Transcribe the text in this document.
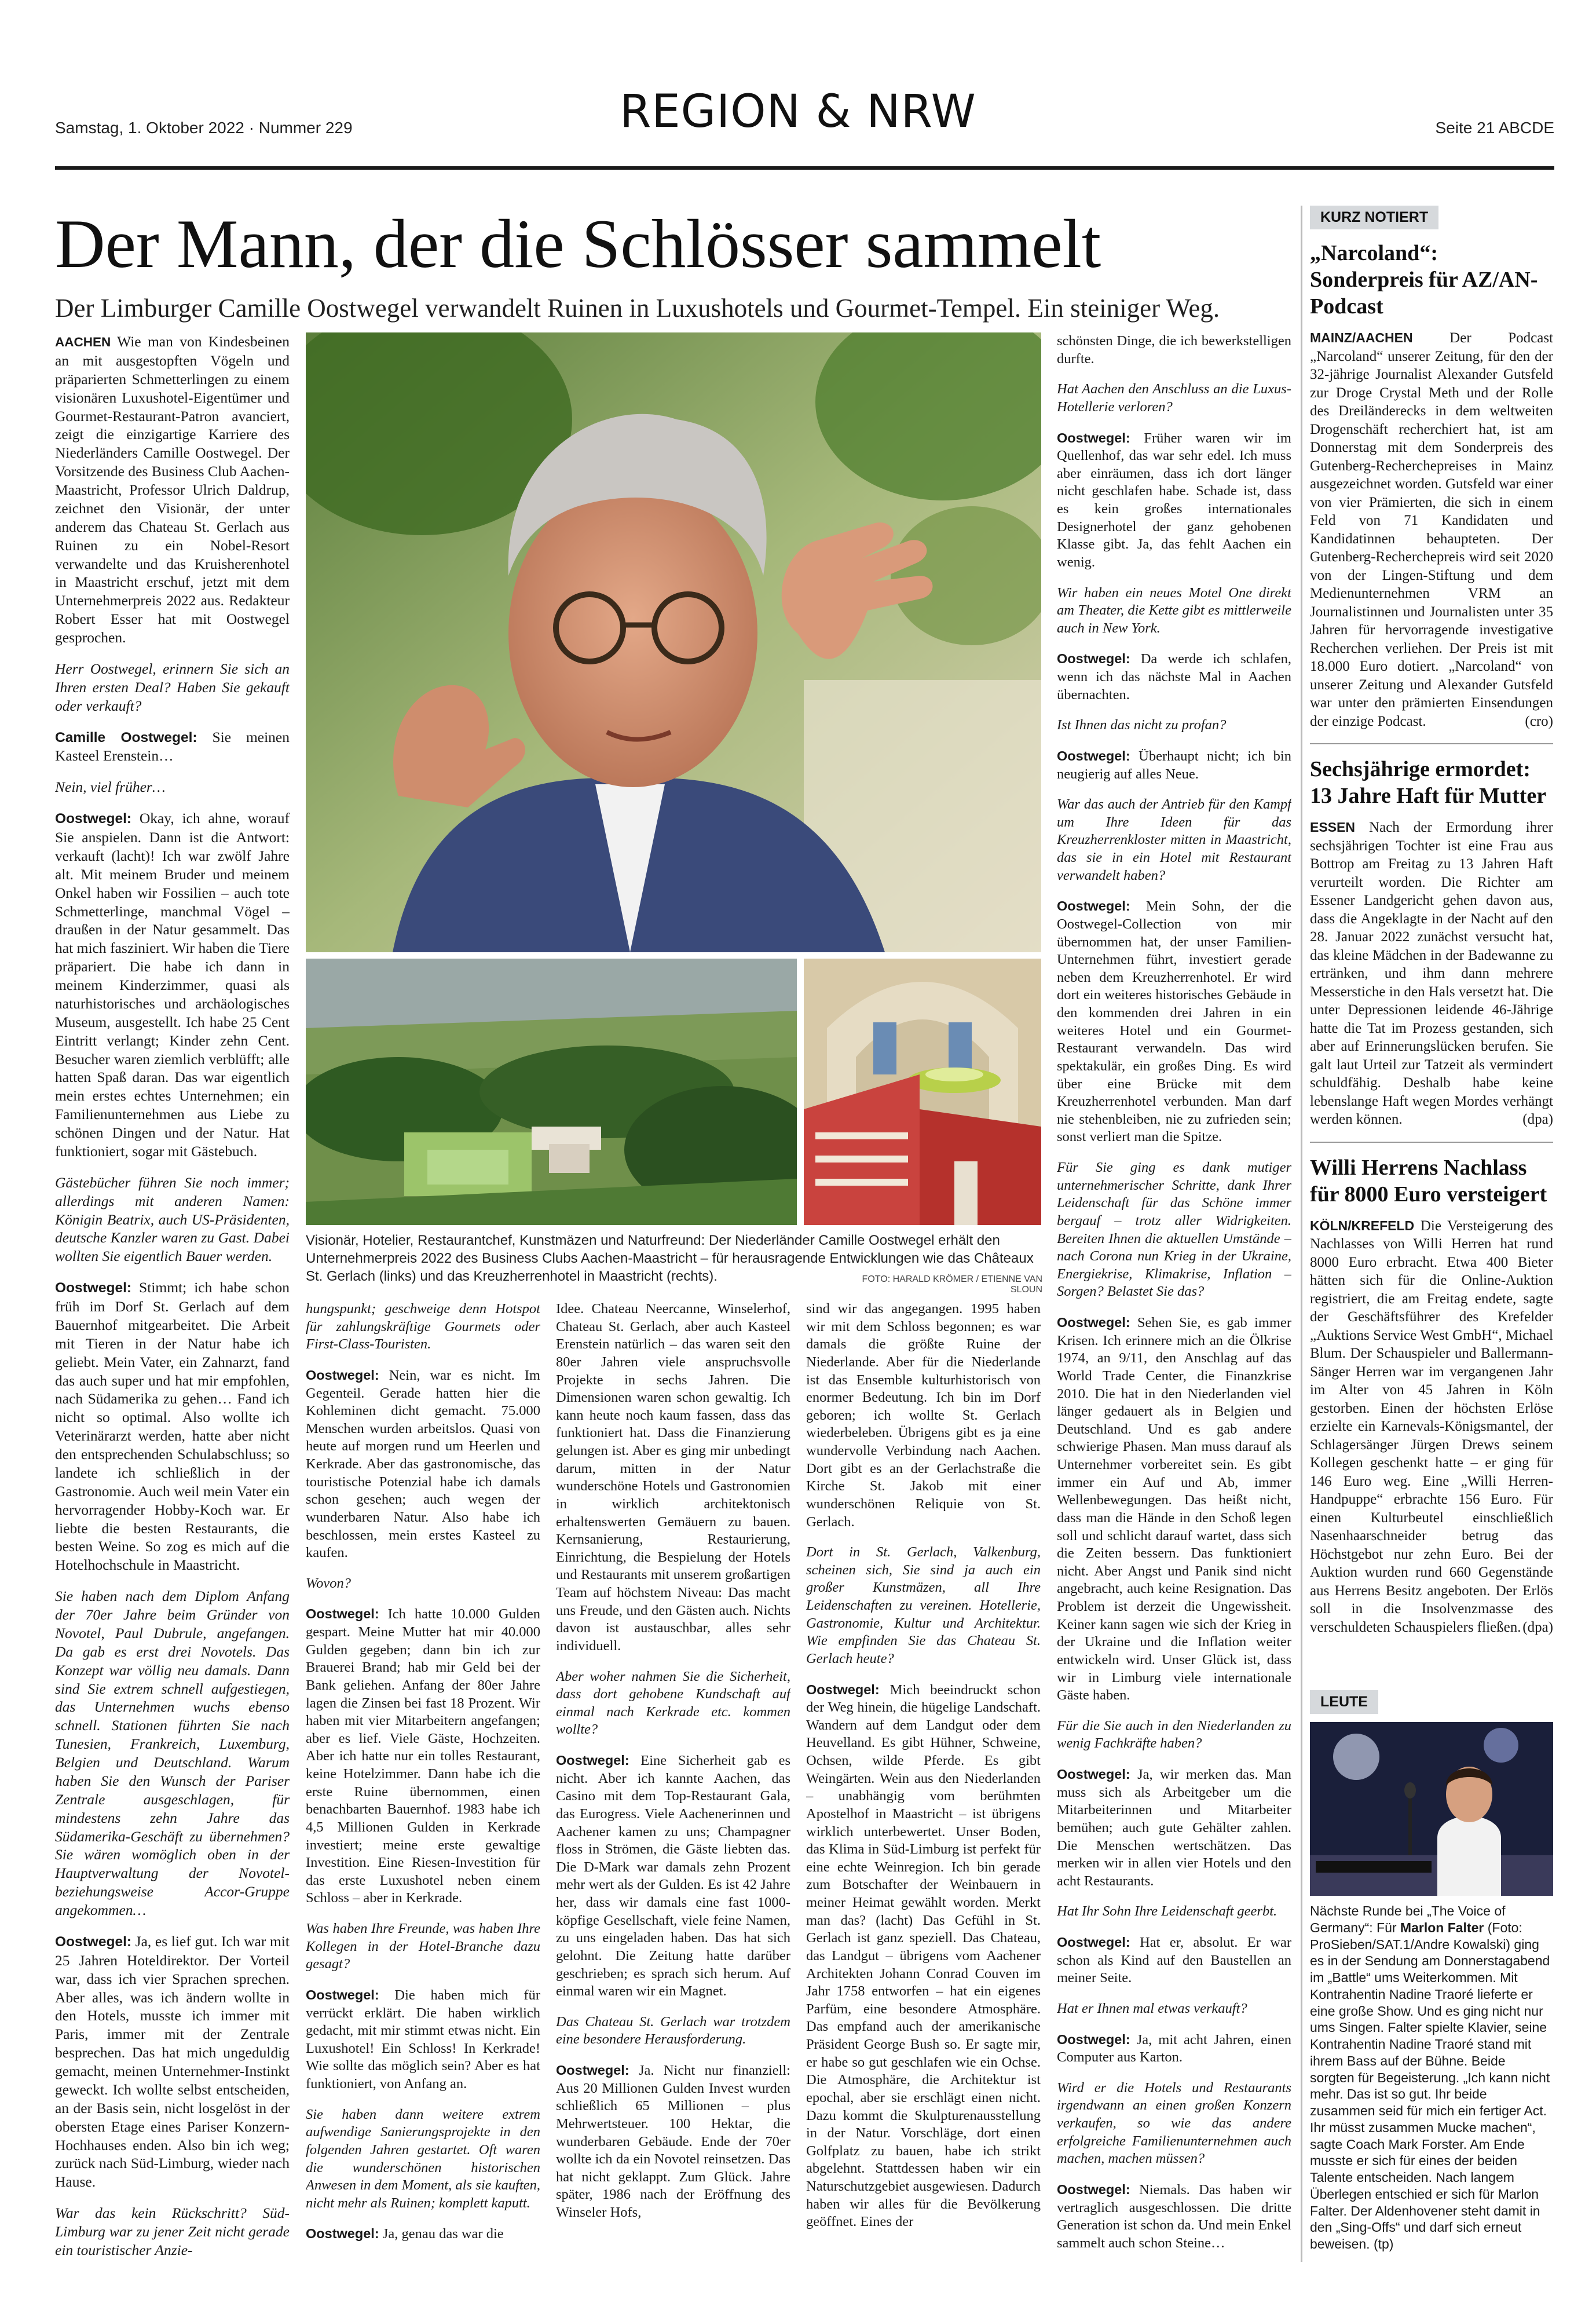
Samstag, 1. Oktober 2022 · Nummer 229	REGION & NRW	Seite 21 ABCDE
Der Mann, der die Schlösser sammelt
Der Limburger Camille Oostwegel verwandelt Ruinen in Luxushotels und Gourmet-Tempel. Ein steiniger Weg.

AACHEN Wie man von Kindesbeinen an mit ausgestopften Vögeln und präparierten Schmetterlingen zu einem visionären Luxushotel-Eigentümer und Gourmet-Restaurant-Patron avanciert, zeigt die einzigartige Karriere des Niederländers Camille Oostwegel. Der Vorsitzende des Business Club Aachen-Maastricht, Professor Ulrich Daldrup, zeichnet den Visionär, der unter anderem das Chateau St. Gerlach aus Ruinen zu ein Nobel-Resort verwandelte und das Kruisherenhotel in Maastricht erschuf, jetzt mit dem Unternehmerpreis 2022 aus. Redakteur Robert Esser hat mit Oostwegel gesprochen.

Herr Oostwegel, erinnern Sie sich an Ihren ersten Deal? Haben Sie gekauft oder verkauft?

Camille Oostwegel: Sie meinen Kasteel Erenstein…

Nein, viel früher…

Oostwegel: Okay, ich ahne, worauf Sie anspielen. Dann ist die Antwort: verkauft (lacht)! Ich war zwölf Jahre alt. Mit meinem Bruder und meinem Onkel haben wir Fossilien – auch tote Schmetterlinge, manchmal Vögel – draußen in der Natur gesammelt. Das hat mich fasziniert. Wir haben die Tiere präpariert. Die habe ich dann in meinem Kinderzimmer, quasi als naturhistorisches und archäologisches Museum, ausgestellt. Ich habe 25 Cent Eintritt verlangt; Kinder zehn Cent. Besucher waren ziemlich verblüfft; alle hatten Spaß daran. Das war eigentlich mein erstes echtes Unternehmen; ein Familienunternehmen aus Liebe zu schönen Dingen und der Natur. Hat funktioniert, sogar mit Gästebuch.

Gästebücher führen Sie noch immer; allerdings mit anderen Namen: Königin Beatrix, auch US-Präsidenten, deutsche Kanzler waren zu Gast. Dabei wollten Sie eigentlich Bauer werden.

Oostwegel: Stimmt; ich habe schon früh im Dorf St. Gerlach auf dem Bauernhof mitgearbeitet. Die Arbeit mit Tieren in der Natur habe ich geliebt. Mein Vater, ein Zahnarzt, fand das auch super und hat mir empfohlen, nach Südamerika zu gehen… Fand ich nicht so optimal. Also wollte ich Veterinärarzt werden, hatte aber nicht den entsprechenden Schulabschluss; so landete ich schließlich in der Gastronomie. Auch weil mein Vater ein hervorragender Hobby-Koch war. Er liebte die besten Restaurants, die besten Weine. So zog es mich auf die Hotelhochschule in Maastricht.

Sie haben nach dem Diplom Anfang der 70er Jahre beim Gründer von Novotel, Paul Dubrule, angefangen. Da gab es erst drei Novotels. Das Konzept war völlig neu damals. Dann sind Sie extrem schnell aufgestiegen, das Unternehmen wuchs ebenso schnell. Stationen führten Sie nach Tunesien, Frankreich, Luxemburg, Belgien und Deutschland. Warum haben Sie den Wunsch der Pariser Zentrale ausgeschlagen, für mindestens zehn Jahre das Südamerika-Geschäft zu übernehmen? Sie wären womöglich oben in der Hauptverwaltung der Novotel- beziehungsweise Accor-Gruppe angekommen…

Oostwegel: Ja, es lief gut. Ich war mit 25 Jahren Hoteldirektor. Der Vorteil war, dass ich vier Sprachen sprechen. Aber alles, was ich ändern wollte in den Hotels, musste ich immer mit Paris, immer mit der Zentrale besprechen. Das hat mich ungeduldig gemacht, meinen Unternehmer-Instinkt geweckt. Ich wollte selbst entscheiden, an der Basis sein, nicht losgelöst in der obersten Etage eines Pariser Konzern-Hochhauses enden. Also bin ich weg; zurück nach Süd-Limburg, wieder nach Hause.

War das kein Rückschritt? Süd-Limburg war zu jener Zeit nicht gerade ein touristischer Anzie-

hungspunkt; geschweige denn Hotspot für zahlungskräftige Gourmets oder First-Class-Touristen.

Oostwegel: Nein, war es nicht. Im Gegenteil. Gerade hatten hier die Kohleminen dicht gemacht. 75.000 Menschen wurden arbeitslos. Quasi von heute auf morgen rund um Heerlen und Kerkrade. Aber das gastronomische, das touristische Potenzial habe ich damals schon gesehen; auch wegen der wunderbaren Natur. Also habe ich beschlossen, mein erstes Kasteel zu kaufen.

Wovon?

Oostwegel: Ich hatte 10.000 Gulden gespart. Meine Mutter hat mir 40.000 Gulden gegeben; dann bin ich zur Brauerei Brand; hab mir Geld bei der Bank geliehen. Anfang der 80er Jahre lagen die Zinsen bei fast 18 Prozent. Wir haben mit vier Mitarbeitern angefangen; aber es lief. Viele Gäste, Hochzeiten. Aber ich hatte nur ein tolles Restaurant, keine Hotelzimmer. Dann habe ich die erste Ruine übernommen, einen benachbarten Bauernhof. 1983 habe ich 4,5 Millionen Gulden in Kerkrade investiert; meine erste gewaltige Investition. Eine Riesen-Investition für das erste Luxushotel neben einem Schloss – aber in Kerkrade.

Was haben Ihre Freunde, was haben Ihre Kollegen in der Hotel-Branche dazu gesagt?

Oostwegel: Die haben mich für verrückt erklärt. Die haben wirklich gedacht, mit mir stimmt etwas nicht. Ein Luxushotel! Ein Schloss! In Kerkrade! Wie sollte das möglich sein? Aber es hat funktioniert, von Anfang an.

Sie haben dann weitere extrem aufwendige Sanierungsprojekte in den folgenden Jahren gestartet. Oft waren die wunderschönen historischen Anwesen in dem Moment, als sie kauften, nicht mehr als Ruinen; komplett kaputt.

Oostwegel: Ja, genau das war die

Idee. Chateau Neercanne, Winselerhof, Chateau St. Gerlach, aber auch Kasteel Erenstein natürlich – das waren seit den 80er Jahren viele anspruchsvolle Projekte in sechs Jahren. Die Dimensionen waren schon gewaltig. Ich kann heute noch kaum fassen, dass das funktioniert hat. Dass die Finanzierung gelungen ist. Aber es ging mir unbedingt darum, mitten in der Natur wunderschöne Hotels und Gastronomien in wirklich architektonisch erhaltenswerten Gemäuern zu bauen. Kernsanierung, Restaurierung, Einrichtung, die Bespielung der Hotels und Restaurants mit unserem großartigen Team auf höchstem Niveau: Das macht uns Freude, und den Gästen auch. Nichts davon ist austauschbar, alles sehr individuell.

Aber woher nahmen Sie die Sicherheit, dass dort gehobene Kundschaft auf einmal nach Kerkrade etc. kommen wollte?

Oostwegel: Eine Sicherheit gab es nicht. Aber ich kannte Aachen, das Casino mit dem Top-Restaurant Gala, das Eurogress. Viele Aachenerinnen und Aachener kamen zu uns; Champagner floss in Strömen, die Gäste liebten das. Die D-Mark war damals zehn Prozent mehr wert als der Gulden. Es ist 42 Jahre her, dass wir damals eine fast 1000-köpfige Gesellschaft, viele feine Namen, zu uns eingeladen haben. Das hat sich gelohnt. Die Zeitung hatte darüber geschrieben; es sprach sich herum. Auf einmal waren wir ein Magnet.

Das Chateau St. Gerlach war trotzdem eine besondere Herausforderung.

Oostwegel: Ja. Nicht nur finanziell: Aus 20 Millionen Gulden Invest wurden schließlich 65 Millionen – plus Mehrwertsteuer. 100 Hektar, die wunderbaren Gebäude. Ende der 70er wollte ich da ein Novotel reinsetzen. Das hat nicht geklappt. Zum Glück. Jahre später, 1986 nach der Eröffnung des Winseler Hofs,

sind wir das angegangen. 1995 haben wir mit dem Schloss begonnen; es war damals die größte Ruine der Niederlande. Aber für die Niederlande ist das Ensemble kulturhistorisch von enormer Bedeutung. Ich bin im Dorf geboren; ich wollte St. Gerlach wiederbeleben. Übrigens gibt es ja eine wundervolle Verbindung nach Aachen. Dort gibt es an der Gerlachstraße die Kirche St. Jakob mit einer wunderschönen Reliquie von St. Gerlach.

Dort in St. Gerlach, Valkenburg, scheinen sich, Sie sind ja auch ein großer Kunstmäzen, all Ihre Leidenschaften zu vereinen. Hotellerie, Gastronomie, Kultur und Architektur. Wie empfinden Sie das Chateau St. Gerlach heute?

Oostwegel: Mich beeindruckt schon der Weg hinein, die hügelige Landschaft. Wandern auf dem Landgut oder dem Heuvelland. Es gibt Hühner, Schweine, Ochsen, wilde Pferde. Es gibt Weingärten. Wein aus den Niederlanden – unabhängig vom berühmten Apostelhof in Maastricht – ist übrigens wirklich unterbewertet. Unser Boden, das Klima in Süd-Limburg ist perfekt für eine echte Weinregion. Ich bin gerade zum Botschafter der Weinbauern in meiner Heimat gewählt worden. Merkt man das? (lacht) Das Gefühl in St. Gerlach ist ganz speziell. Das Chateau, das Landgut – übrigens vom Aachener Architekten Johann Conrad Couven im Jahr 1758 entworfen – hat ein eigenes Parfüm, eine besondere Atmosphäre. Das empfand auch der amerikanische Präsident George Bush so. Er sagte mir, er habe so gut geschlafen wie ein Ochse. Die Atmosphäre, die Architektur ist epochal, aber sie erschlägt einen nicht. Dazu kommt die Skulpturenausstellung in der Natur. Vorschläge, dort einen Golfplatz zu bauen, habe ich strikt abgelehnt. Stattdessen haben wir ein Naturschutzgebiet ausgewiesen. Dadurch haben wir alles für die Bevölkerung geöffnet. Eines der

schönsten Dinge, die ich bewerkstelligen durfte.

Hat Aachen den Anschluss an die Luxus-Hotellerie verloren?

Oostwegel: Früher waren wir im Quellenhof, das war sehr edel. Ich muss aber einräumen, dass ich dort länger nicht geschlafen habe. Schade ist, dass es kein großes internationales Designerhotel der ganz gehobenen Klasse gibt. Ja, das fehlt Aachen ein wenig.

Wir haben ein neues Motel One direkt am Theater, die Kette gibt es mittlerweile auch in New York.

Oostwegel: Da werde ich schlafen, wenn ich das nächste Mal in Aachen übernachten.

Ist Ihnen das nicht zu profan?

Oostwegel: Überhaupt nicht; ich bin neugierig auf alles Neue.

War das auch der Antrieb für den Kampf um Ihre Ideen für das Kreuzherrenkloster mitten in Maastricht, das sie in ein Hotel mit Restaurant verwandelt haben?

Oostwegel: Mein Sohn, der die Oostwegel-Collection von mir übernommen hat, der unser Familien-Unternehmen führt, investiert gerade neben dem Kreuzherrenhotel. Er wird dort ein weiteres historisches Gebäude in den kommenden drei Jahren in ein weiteres Hotel und ein Gourmet-Restaurant verwandeln. Das wird spektakulär, ein großes Ding. Es wird über eine Brücke mit dem Kreuzherrenhotel verbunden. Man darf nie stehenbleiben, nie zu zufrieden sein; sonst verliert man die Spitze.

Für Sie ging es dank mutiger unternehmerischer Schritte, dank Ihrer Leidenschaft für das Schöne immer bergauf – trotz aller Widrigkeiten. Bereiten Ihnen die aktuellen Umstände – nach Corona nun Krieg in der Ukraine, Energiekrise, Klimakrise, Inflation – Sorgen? Belastet Sie das?

Oostwegel: Sehen Sie, es gab immer Krisen. Ich erinnere mich an die Ölkrise 1974, an 9/11, den Anschlag auf das World Trade Center, die Finanzkrise 2010. Die hat in den Niederlanden viel länger gedauert als in Belgien und Deutschland. Und es gab andere schwierige Phasen. Man muss darauf als Unternehmer vorbereitet sein. Es gibt immer ein Auf und Ab, immer Wellenbewegungen. Das heißt nicht, dass man die Hände in den Schoß legen soll und schlicht darauf wartet, dass sich die Zeiten bessern. Das funktioniert nicht. Aber Angst und Panik sind nicht angebracht, auch keine Resignation. Das Problem ist derzeit die Ungewissheit. Keiner kann sagen wie sich der Krieg in der Ukraine und die Inflation weiter entwickeln wird. Unser Glück ist, dass wir in Limburg viele internationale Gäste haben.

Für die Sie auch in den Niederlanden zu wenig Fachkräfte haben?

Oostwegel: Ja, wir merken das. Man muss sich als Arbeitgeber um die Mitarbeiterinnen und Mitarbeiter bemühen; auch gute Gehälter zahlen. Die Menschen wertschätzen. Das merken wir in allen vier Hotels und den acht Restaurants.

Hat Ihr Sohn Ihre Leidenschaft geerbt.

Oostwegel: Hat er, absolut. Er war schon als Kind auf den Baustellen an meiner Seite.

Hat er Ihnen mal etwas verkauft?

Oostwegel: Ja, mit acht Jahren, einen Computer aus Karton.

Wird er die Hotels und Restaurants irgendwann an einen großen Konzern verkaufen, so wie das andere erfolgreiche Familienunternehmen auch machen, machen müssen?

Oostwegel: Niemals. Das haben wir vertraglich ausgeschlossen. Die dritte Generation ist schon da. Und mein Enkel sammelt auch schon Steine…

Visionär, Hotelier, Restaurantchef, Kunstmäzen und Naturfreund: Der Niederländer Camille Oostwegel erhält den Unternehmerpreis 2022 des Business Clubs Aachen-Maastricht – für herausragende Entwicklungen wie das Châteaux St. Gerlach (links) und das Kreuzherrenhotel in Maastricht (rechts).	FOTO: HARALD KRÖMER / ETIENNE VAN SLOUN
KURZ NOTIERT
„Narcoland“: Sonderpreis für AZ/AN-Podcast
MAINZ/AACHEN Der Podcast „Narcoland“ unserer Zeitung, für den der 32-jährige Journalist Alexander Gutsfeld zur Droge Crystal Meth und der Rolle des Dreiländerecks in dem weltweiten Drogenschäft recherchiert hat, ist am Donnerstag mit dem Sonderpreis des Gutenberg-Recherchepreises in Mainz ausgezeichnet worden. Gutsfeld war einer von vier Prämierten, die sich in einem Feld von 71 Kandidaten und Kandidatinnen behaupteten. Der Gutenberg-Recherchepreis wird seit 2020 von der Lingen-Stiftung und dem Medienunternehmen VRM an Journalistinnen und Journalisten unter 35 Jahren für hervorragende investigative Recherchen verliehen. Der Preis ist mit 18.000 Euro dotiert. „Narcoland“ von unserer Zeitung und Alexander Gutsfeld war unter den prämierten Einsendungen der einzige Podcast.	(cro)
Sechsjährige ermordet: 13 Jahre Haft für Mutter
ESSEN Nach der Ermordung ihrer sechsjährigen Tochter ist eine Frau aus Bottrop am Freitag zu 13 Jahren Haft verurteilt worden. Die Richter am Essener Landgericht gehen davon aus, dass die Angeklagte in der Nacht auf den 28. Januar 2022 zunächst versucht hat, das kleine Mädchen in der Badewanne zu ertränken, und ihm dann mehrere Messerstiche in den Hals versetzt hat. Die unter Depressionen leidende 46-Jährige hatte die Tat im Prozess gestanden, sich aber auf Erinnerungslücken berufen. Sie galt laut Urteil zur Tatzeit als vermindert schuldfähig. Deshalb habe keine lebenslange Haft wegen Mordes verhängt werden können.	(dpa)
Willi Herrens Nachlass für 8000 Euro versteigert
KÖLN/KREFELD Die Versteigerung des Nachlasses von Willi Herren hat rund 8000 Euro erbracht. Etwa 400 Bieter hätten sich für die Online-Auktion registriert, die am Freitag endete, sagte der Geschäftsführer des Krefelder „Auktions Service West GmbH“, Michael Blum. Der Schauspieler und Ballermann-Sänger Herren war im vergangenen Jahr im Alter von 45 Jahren in Köln gestorben. Einen der höchsten Erlöse erzielte ein Karnevals-Königsmantel, der Schlagersänger Jürgen Drews seinem Kollegen geschenkt hatte – er ging für 146 Euro weg. Eine „Willi Herren-Handpuppe“ erbrachte 156 Euro. Für einen Kulturbeutel einschließlich Nasenhaarschneider betrug das Höchstgebot nur zehn Euro. Bei der Auktion wurden rund 660 Gegenstände aus Herrens Besitz angeboten. Der Erlös soll in die Insolvenzmasse des verschuldeten Schauspielers fließen. (dpa)
LEUTE
Nächste Runde bei „The Voice of Germany“: Für Marlon Falter (Foto: ProSieben/SAT.1/Andre Kowalski) ging es in der Sendung am Donnerstagabend im „Battle“ ums Weiterkommen. Mit Kontrahentin Nadine Traoré lieferte er eine große Show. Und es ging nicht nur ums Singen. Falter spielte Klavier, seine Kontrahentin Nadine Traoré stand mit ihrem Bass auf der Bühne. Beide sorgten für Begeisterung. „Ich kann nicht mehr. Das ist so gut. Ihr beide zusammen seid für mich ein fertiger Act. Ihr müsst zusammen Mucke machen“, sagte Coach Mark Forster. Am Ende musste er sich für eines der beiden Talente entscheiden. Nach langem Überlegen entschied er sich für Marlon Falter. Der Aldenhovener steht damit in den „Sing-Offs“ und darf sich erneut beweisen. (tp)
